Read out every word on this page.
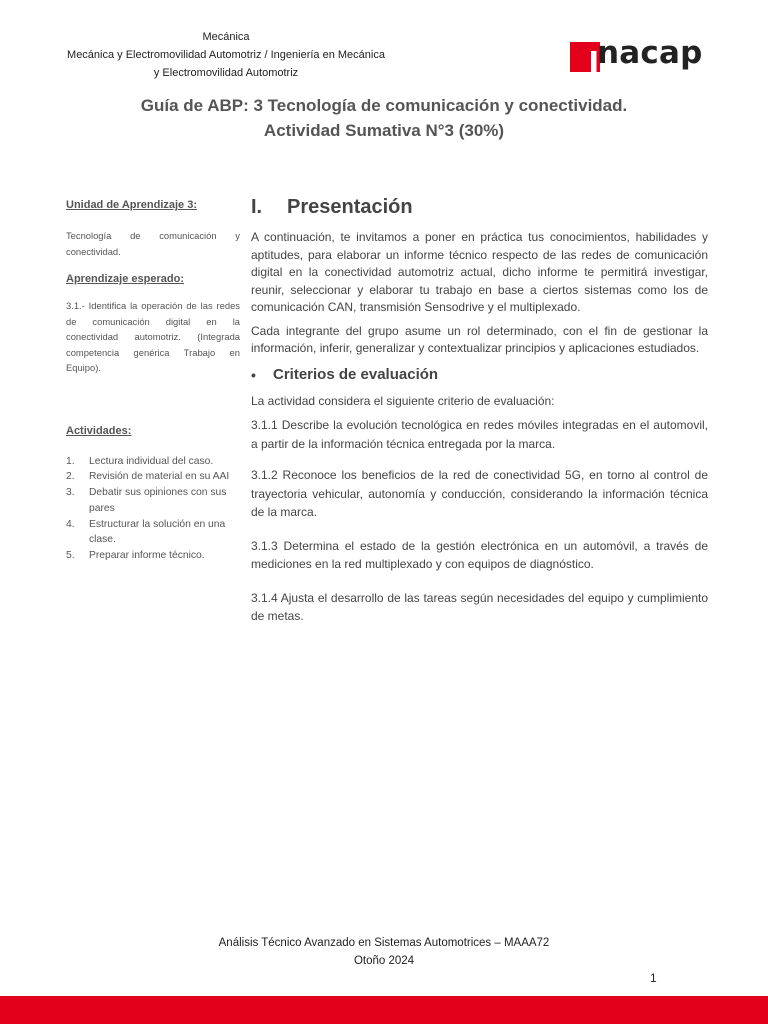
Mecánica
Mecánica y Electromovilidad Automotriz / Ingeniería en Mecánica
y Electromovilidad Automotriz
nacap
Guía de ABP: 3 Tecnología de comunicación y conectividad.
Actividad Sumativa N°3 (30%)

Unidad de Aprendizaje 3:

Tecnología de comunicación y conectividad.

Aprendizaje esperado:

3.1.- Identifica la operación de las redes de comunicación digital en la conectividad automotriz. (Integrada competencia genérica Trabajo en Equipo).

Actividades:

1. Lectura individual del caso.
2. Revisión de material en su AAI
3. Debatir sus opiniones con sus pares
4. Estructurar la solución en una clase.
5. Preparar informe técnico.
I.	Presentación

A continuación, te invitamos a poner en práctica tus conocimientos, habilidades y aptitudes, para elaborar un informe técnico respecto de las redes de comunicación digital en la conectividad automotriz actual, dicho informe te permitirá investigar, reunir, seleccionar y elaborar tu trabajo en base a ciertos sistemas como los de comunicación CAN, transmisión Sensodrive y el multiplexado.

Cada integrante del grupo asume un rol determinado, con el fin de gestionar la información, inferir, generalizar y contextualizar principios y aplicaciones estudiados.

•	Criterios de evaluación

La actividad considera el siguiente criterio de evaluación:

3.1.1 Describe la evolución tecnológica en redes móviles integradas en el automovil, a partir de la información técnica entregada por la marca.

3.1.2 Reconoce los beneficios de la red de conectividad 5G, en torno al control de trayectoria vehicular, autonomía y conducción, considerando la información técnica de la marca.

3.1.3 Determina el estado de la gestión electrónica en un automóvil, a través de mediciones en la red multiplexado y con equipos de diagnóstico.

3.1.4 Ajusta el desarrollo de las tareas según necesidades del equipo y cumplimiento de metas.

Análisis Técnico Avanzado en Sistemas Automotrices – MAAA72
Otoño 2024
1
